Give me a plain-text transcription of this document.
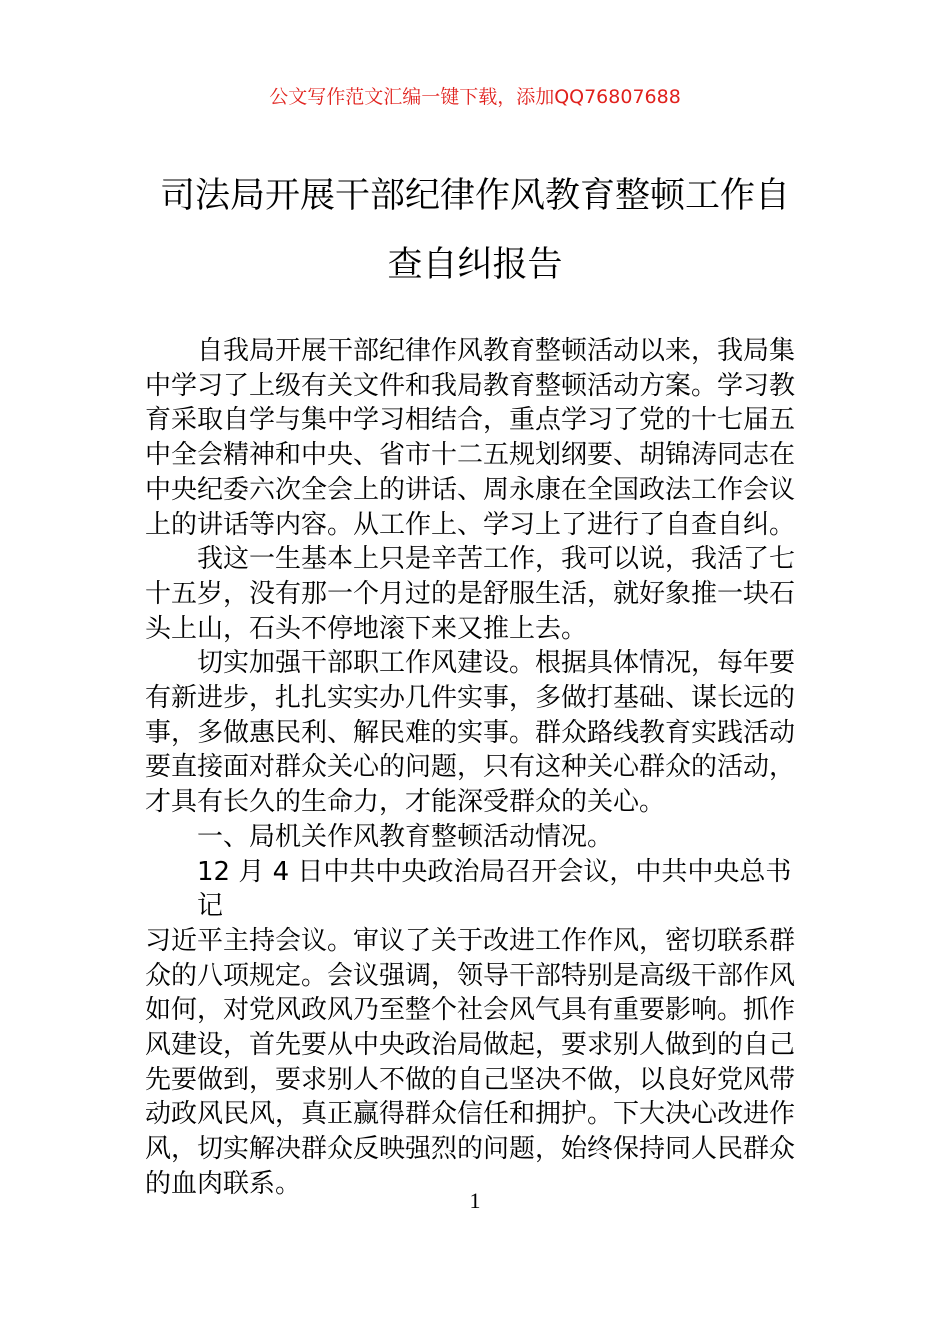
公文写作范文汇编一键下载，添加QQ76807688
司法局开展干部纪律作风教育整顿工作自
查自纠报告
自我局开展干部纪律作风教育整顿活动以来，我局集
中学习了上级有关文件和我局教育整顿活动方案。学习教
育采取自学与集中学习相结合，重点学习了党的十七届五
中全会精神和中央、省市十二五规划纲要、胡锦涛同志在
中央纪委六次全会上的讲话、周永康在全国政法工作会议
上的讲话等内容。从工作上、学习上了进行了自查自纠。
我这一生基本上只是辛苦工作，我可以说，我活了七
十五岁，没有那一个月过的是舒服生活，就好象推一块石
头上山，石头不停地滚下来又推上去。
切实加强干部职工作风建设。根据具体情况，每年要
有新进步，扎扎实实办几件实事，多做打基础、谋长远的
事，多做惠民利、解民难的实事。群众路线教育实践活动
要直接面对群众关心的问题，只有这种关心群众的活动，
才具有长久的生命力，才能深受群众的关心。
一、局机关作风教育整顿活动情况。
12 月 4 日中共中央政治局召开会议，中共中央总书记
习近平主持会议。审议了关于改进工作作风，密切联系群
众的八项规定。会议强调，领导干部特别是高级干部作风
如何，对党风政风乃至整个社会风气具有重要影响。抓作
风建设，首先要从中央政治局做起，要求别人做到的自己
先要做到，要求别人不做的自己坚决不做，以良好党风带
动政风民风，真正赢得群众信任和拥护。下大决心改进作
风，切实解决群众反映强烈的问题，始终保持同人民群众
的血肉联系。
1
